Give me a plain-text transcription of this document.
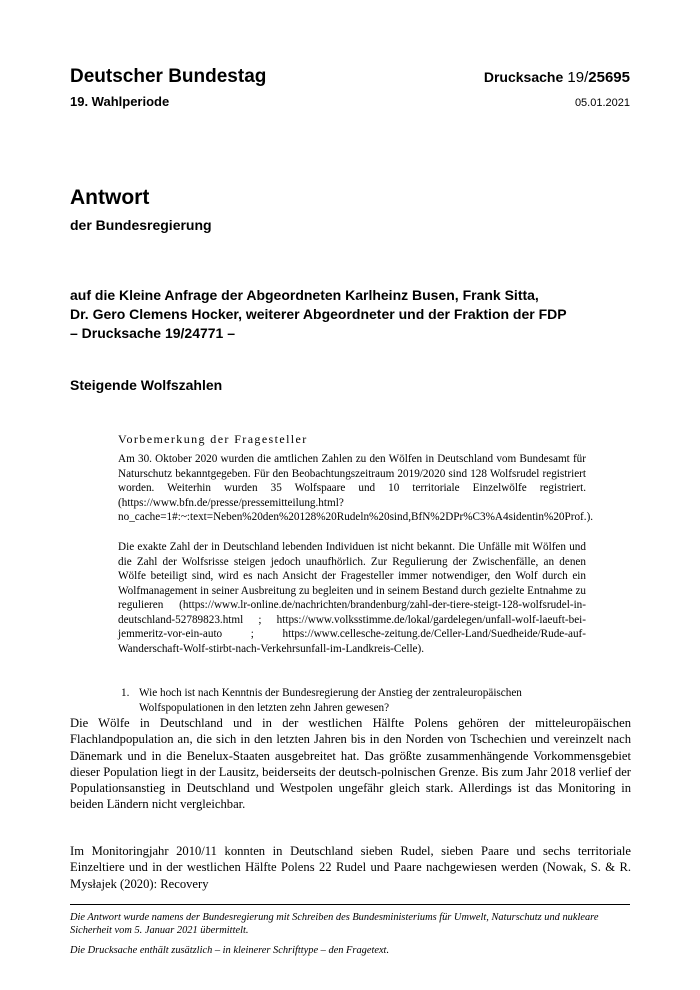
Deutscher Bundestag
19. Wahlperiode
Drucksache 19/25695
05.01.2021
Antwort
der Bundesregierung
auf die Kleine Anfrage der Abgeordneten Karlheinz Busen, Frank Sitta,
Dr. Gero Clemens Hocker, weiterer Abgeordneter und der Fraktion der FDP
– Drucksache 19/24771 –
Steigende Wolfszahlen
Vorbemerkung der Fragesteller
Am 30. Oktober 2020 wurden die amtlichen Zahlen zu den Wölfen in Deutschland vom Bundesamt für Naturschutz bekanntgegeben. Für den Beobachtungszeitraum 2019/2020 sind 128 Wolfsrudel registriert worden. Weiterhin wurden 35 Wolfspaare und 10 territoriale Einzelwölfe registriert. (https://www.bfn.de/presse/pressemitteilung.html?no_cache=1#:~:text=Neben%20den%20128%20Rudeln%20sind,BfN%2DPr%C3%A4sidentin%20Prof.).
Die exakte Zahl der in Deutschland lebenden Individuen ist nicht bekannt. Die Unfälle mit Wölfen und die Zahl der Wolfsrisse steigen jedoch unaufhörlich. Zur Regulierung der Zwischenfälle, an denen Wölfe beteiligt sind, wird es nach Ansicht der Fragesteller immer notwendiger, den Wolf durch ein Wolfmanagement in seiner Ausbreitung zu begleiten und in seinem Bestand durch gezielte Entnahme zu regulieren (https://www.lr-online.de/nachrichten/brandenburg/zahl-der-tiere-steigt-128-wolfsrudel-in-deutschland-52789823.html ; https://www.volksstimme.de/lokal/gardelegen/unfall-wolf-laeuft-bei-jemmeritz-vor-ein-auto ; https://www.cellesche-zeitung.de/Celler-Land/Suedheide/Rude-auf-Wanderschaft-Wolf-stirbt-nach-Verkehrsunfall-im-Landkreis-Celle).
1. Wie hoch ist nach Kenntnis der Bundesregierung der Anstieg der zentraleuropäischen Wolfspopulationen in den letzten zehn Jahren gewesen?
Die Wölfe in Deutschland und in der westlichen Hälfte Polens gehören der mitteleuropäischen Flachlandpopulation an, die sich in den letzten Jahren bis in den Norden von Tschechien und vereinzelt nach Dänemark und in die Benelux-Staaten ausgebreitet hat. Das größte zusammenhängende Vorkommensgebiet dieser Population liegt in der Lausitz, beiderseits der deutsch-polnischen Grenze. Bis zum Jahr 2018 verlief der Populationsanstieg in Deutschland und Westpolen ungefähr gleich stark. Allerdings ist das Monitoring in beiden Ländern nicht vergleichbar.
Im Monitoringjahr 2010/11 konnten in Deutschland sieben Rudel, sieben Paare und sechs territoriale Einzeltiere und in der westlichen Hälfte Polens 22 Rudel und Paare nachgewiesen werden (Nowak, S. & R. Mysłajek (2020): Recovery
Die Antwort wurde namens der Bundesregierung mit Schreiben des Bundesministeriums für Umwelt, Naturschutz und nukleare Sicherheit vom 5. Januar 2021 übermittelt.
Die Drucksache enthält zusätzlich – in kleinerer Schrifttype – den Fragetext.
